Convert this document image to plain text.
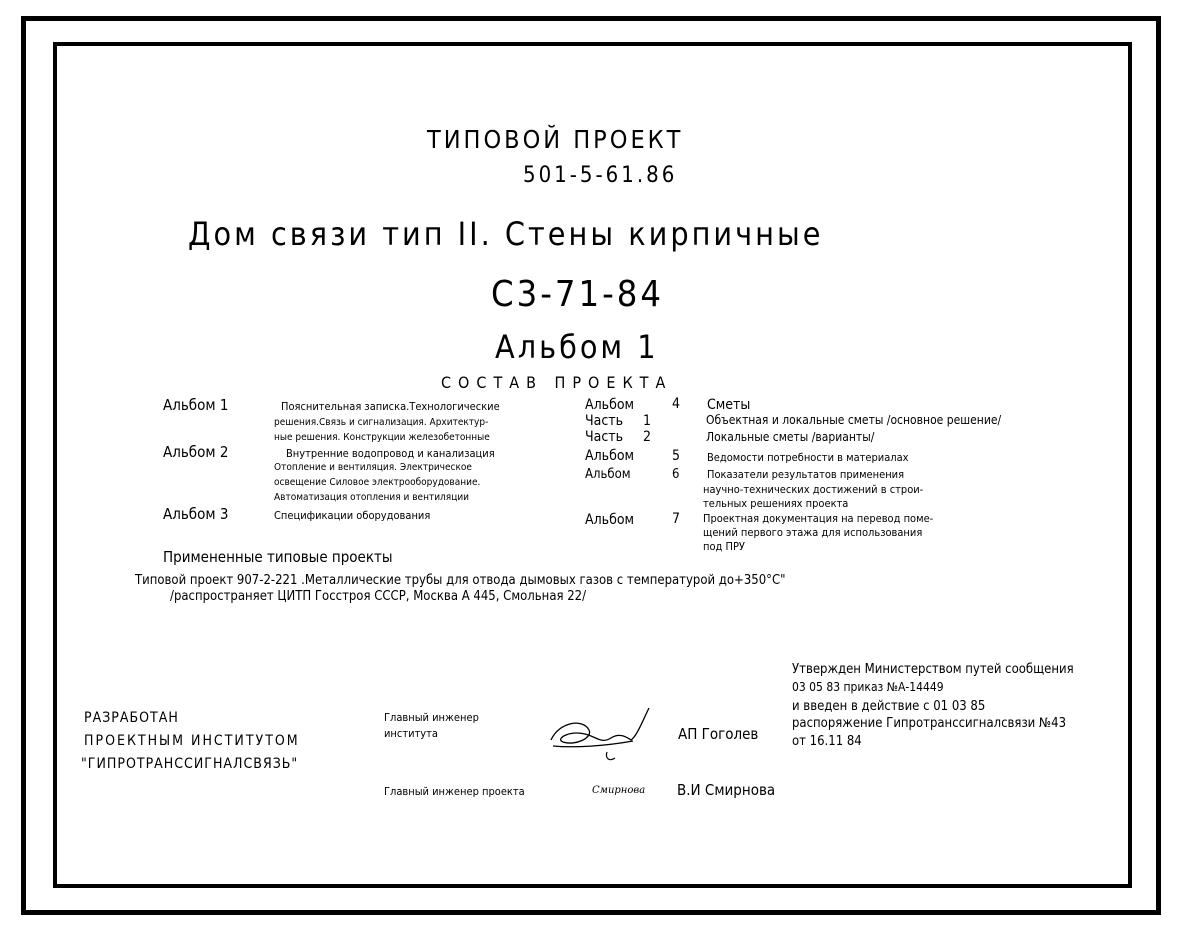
ТИПОВОЙ ПРОЕКТ
501-5-61.86
Дом связи тип II. Стены кирпичные
С3-71-84
Альбом 1
СОСТАВ ПРОЕКТА
Альбом 1	Пояснительная записка.Технологические
решения.Связь и сигнализация. Архитектур-
ные решения. Конструкции железобетонные
Альбом 2	Внутренние водопровод и канализация
Отопление и вентиляция. Электрическое
освещение Силовое электрооборудование.
Автоматизация отопления и вентиляции
Альбом 3	Спецификации оборудования
Альбом	4 Сметы
Часть 1	Объектная и локальные сметы /основное решение/
Часть 2	Локальные сметы /варианты/
Альбом	5 Ведомости потребности в материалах
Альбом	6	Показатели результатов применения
научно-технических достижений в строи-
тельных решениях проекта
Альбом	7 Проектная документация на перевод поме-
щений первого этажа для использования
под ПРУ
Примененные типовые проекты
Типовой проект 907-2-221 .Металлические трубы для отвода дымовых газов с температурой до+350°С"
/распространяет ЦИТП Госстроя СССР, Москва А 445, Смольная 22/
Утвержден Министерством путей сообщения
03 05 83 приказ №А-14449
и введен в действие с 01 03 85
распоряжение Гипротранссигналсвязи №43
от 16.11 84
РАЗРАБОТАН
ПРОЕКТНЫМ ИНСТИТУТОМ
"ГИПРОТРАНССИГНАЛСВЯЗЬ"
Главный инженер
института	АП Гоголев
Главный инженер проекта	Смирнова В.И Смирнова
